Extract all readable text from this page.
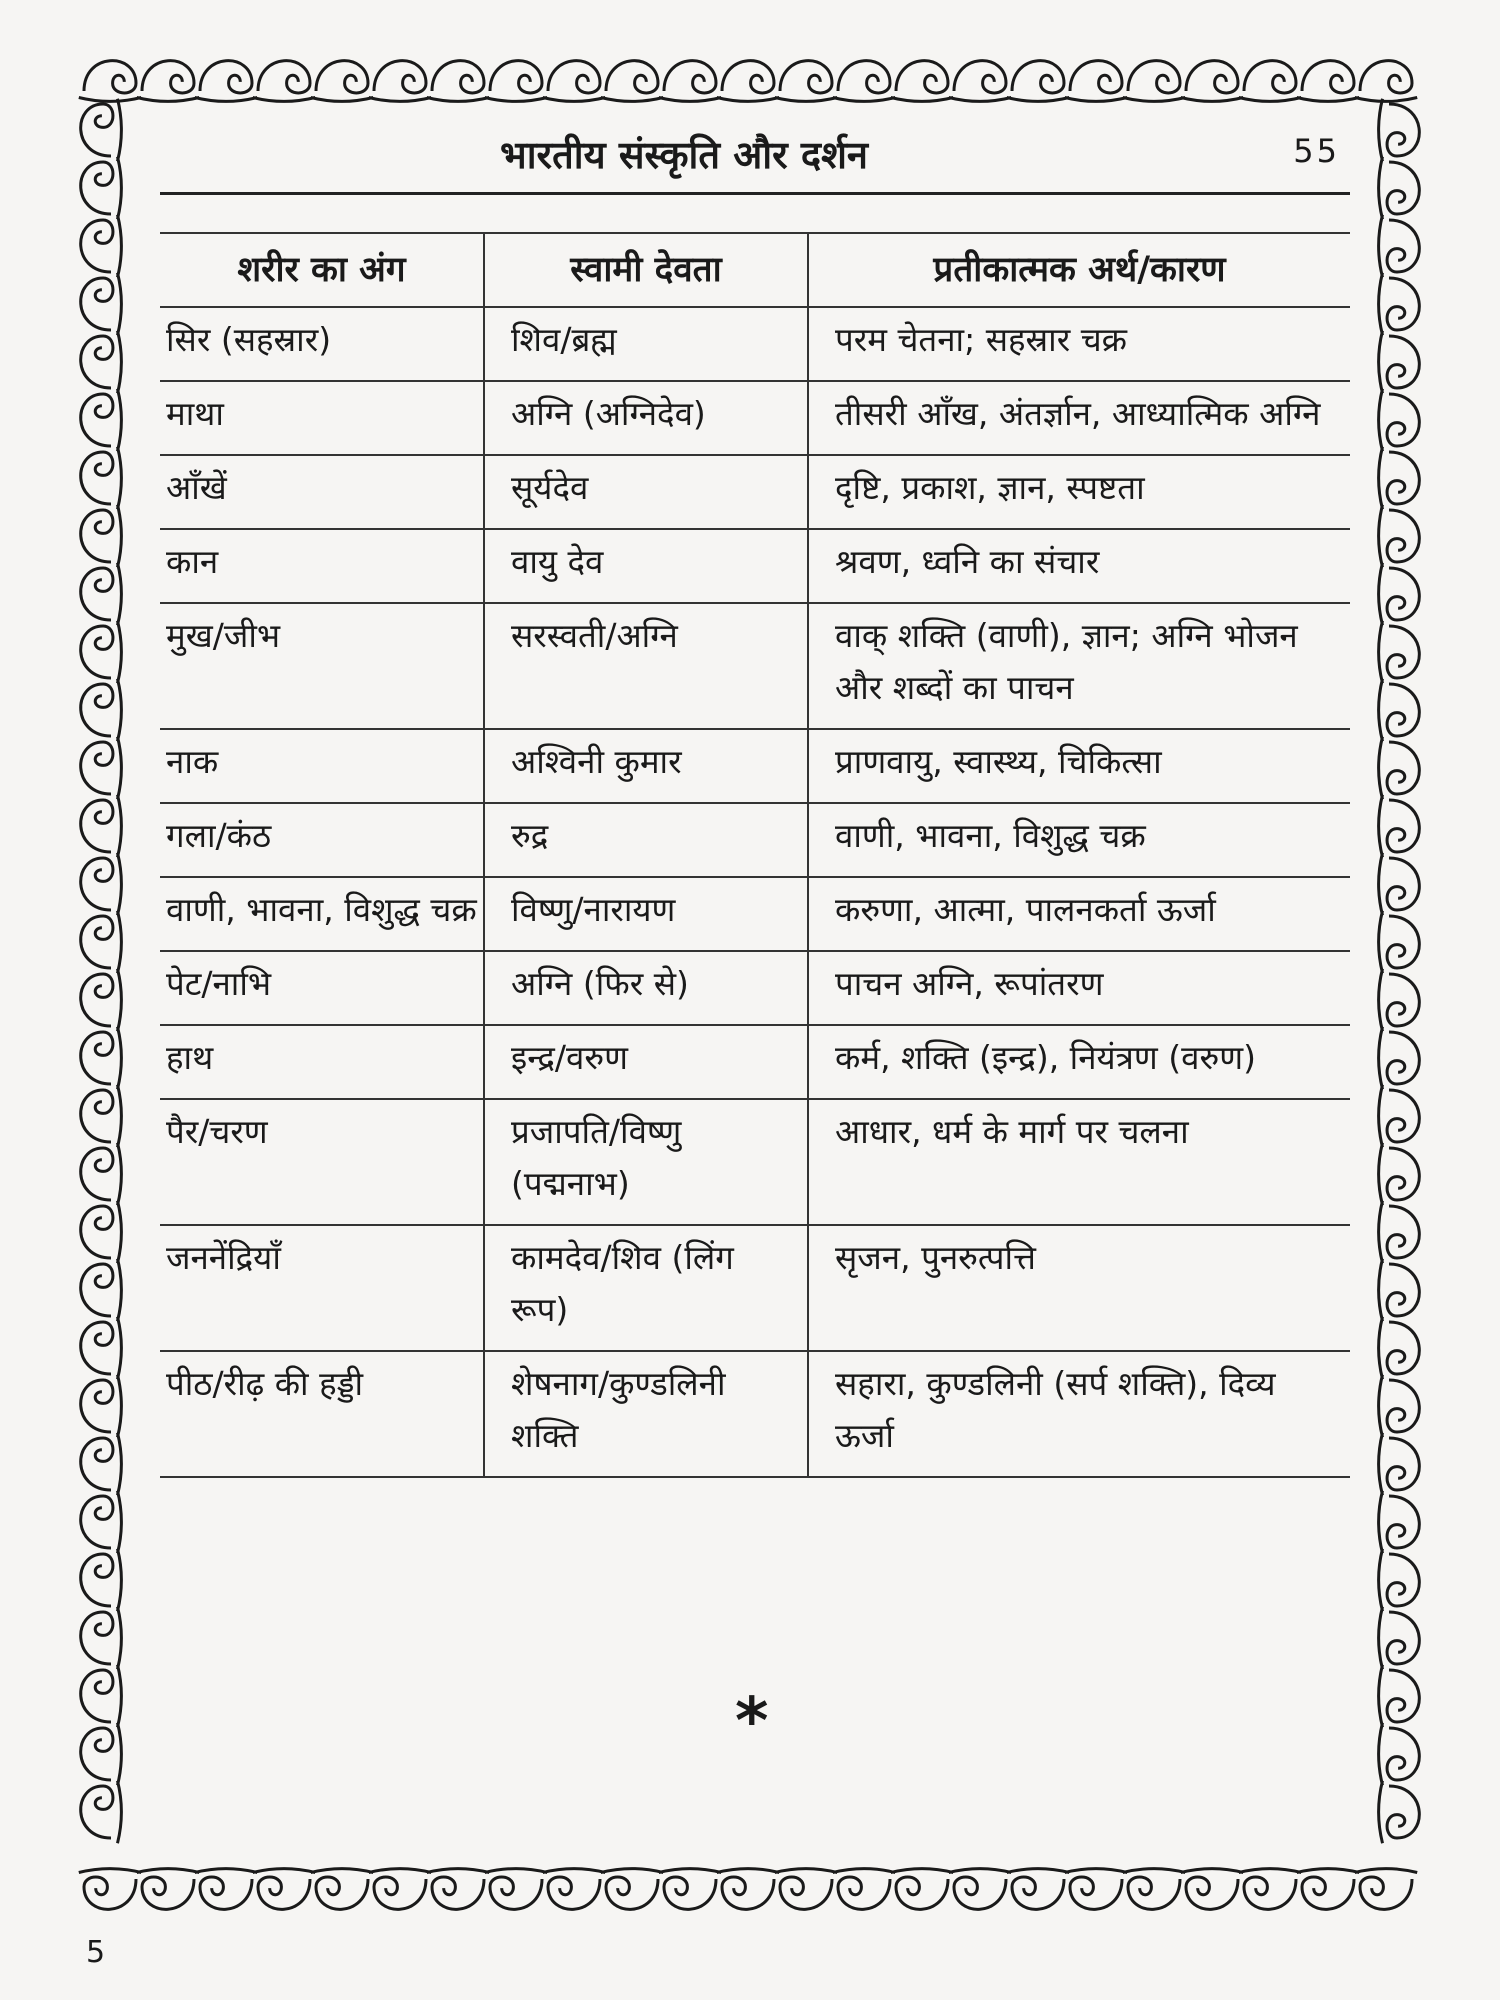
भारतीय संस्कृति और दर्शन	55
शरीर का अंग	स्वामी देवता	प्रतीकात्मक अर्थ/कारण
सिर (सहस्रार)	शिव/ब्रह्म	परम चेतना; सहस्रार चक्र
माथा	अग्नि (अग्निदेव)	तीसरी आँख, अंतर्ज्ञान, आध्यात्मिक अग्नि
आँखें	सूर्यदेव	दृष्टि, प्रकाश, ज्ञान, स्पष्टता
कान	वायु देव	श्रवण, ध्वनि का संचार
मुख/जीभ	सरस्वती/अग्नि	वाक् शक्ति (वाणी), ज्ञान; अग्नि भोजन और शब्दों का पाचन
नाक	अश्विनी कुमार	प्राणवायु, स्वास्थ्य, चिकित्सा
गला/कंठ	रुद्र	वाणी, भावना, विशुद्ध चक्र
वाणी, भावना, विशुद्ध चक्र	विष्णु/नारायण	करुणा, आत्मा, पालनकर्ता ऊर्जा
पेट/नाभि	अग्नि (फिर से)	पाचन अग्नि, रूपांतरण
हाथ	इन्द्र/वरुण	कर्म, शक्ति (इन्द्र), नियंत्रण (वरुण)
पैर/चरण	प्रजापति/विष्णु (पद्मनाभ)	आधार, धर्म के मार्ग पर चलना
जननेंद्रियाँ	कामदेव/शिव (लिंग रूप)	सृजन, पुनरुत्पत्ति
पीठ/रीढ़ की हड्डी	शेषनाग/कुण्डलिनी शक्ति	सहारा, कुण्डलिनी (सर्प शक्ति), दिव्य ऊर्जा
*
5
